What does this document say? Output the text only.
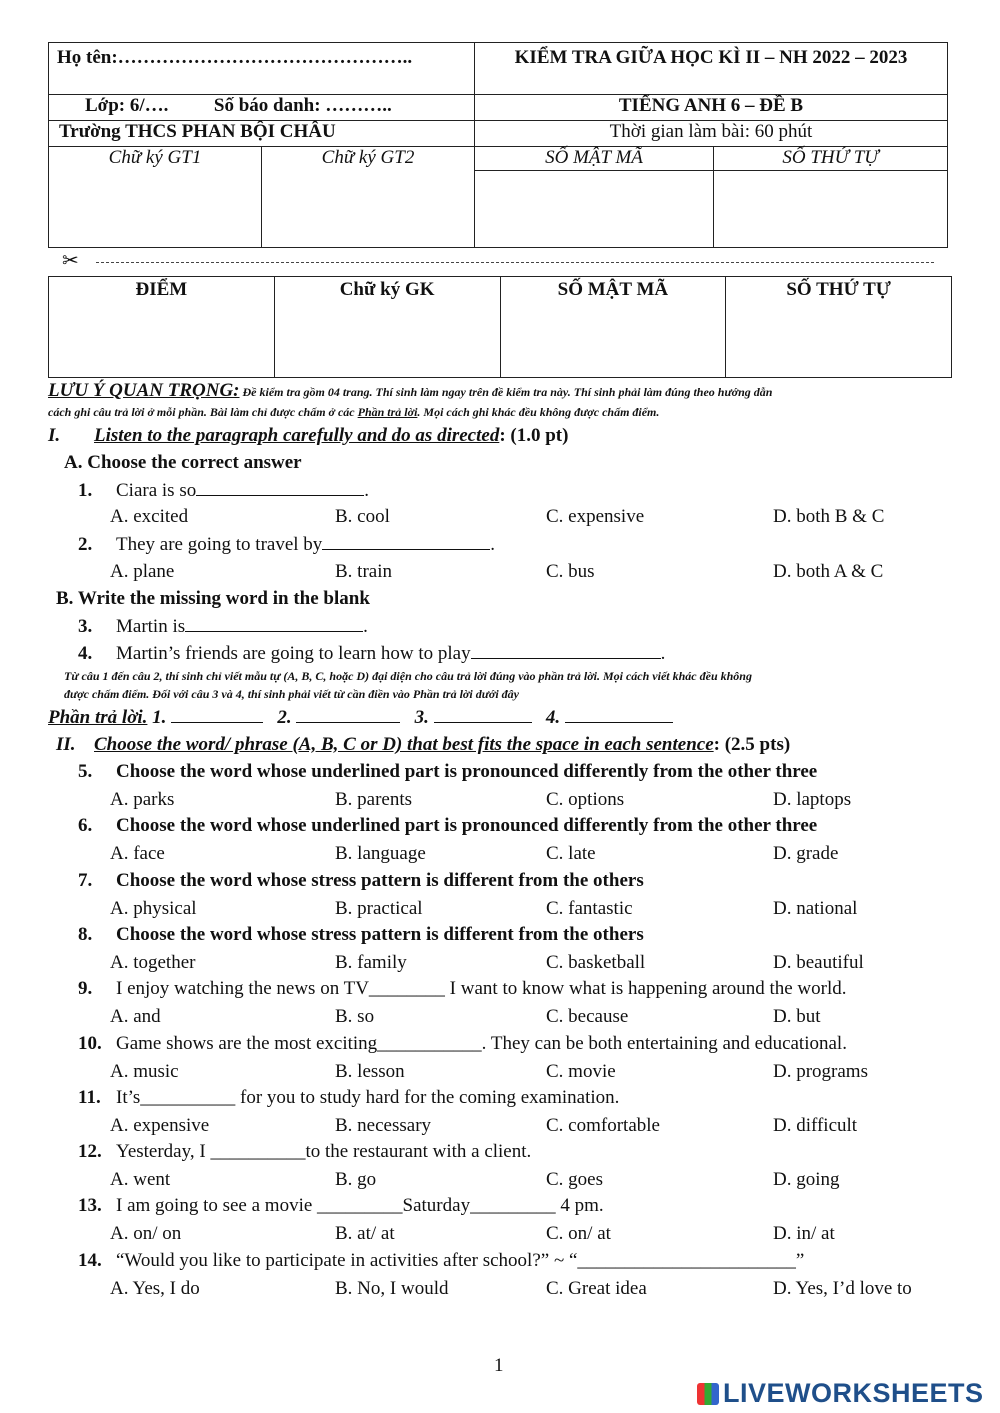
Họ tên:………………………………………..		KIỂM TRA GIỮA HỌC KÌ II – NH 2022 – 2023	
Lớp: 6/…. Số báo danh: ………..		TIẾNG ANH 6 – ĐỀ B	
Trường THCS PHAN BỘI CHÂU		Thời gian làm bài: 60 phút	
Chữ ký GT1	Chữ ký GT2	SỐ MẬT MÃ	SỐ THỨ TỰ

✂
ĐIỂM	Chữ ký GK	SỐ MẬT MÃ	SỐ THỨ TỰ
LƯU Ý QUAN TRỌNG: Đề kiểm tra gồm 04 trang. Thí sinh làm ngay trên đề kiểm tra này. Thí sinh phải làm đúng theo hướng dẫn
cách ghi câu trả lời ở mỗi phần. Bài làm chỉ được chấm ở các Phần trả lời. Mọi cách ghi khác đều không được chấm điểm.
I. Listen to the paragraph carefully and do as directed: (1.0 pt)
A. Choose the correct answer
1. Ciara is so	.
A. excited	B. cool	C. expensive	D. both B & C
2. They are going to travel by	.
A. plane	B. train	C. bus	D. both A & C
B. Write the missing word in the blank
3. Martin is	.
4. Martin’s friends are going to learn how to play	.
Từ câu 1 đến câu 2, thí sinh chỉ viết mẫu tự (A, B, C, hoặc D) đại diện cho câu trả lời đúng vào phần trả lời. Mọi cách viết khác đều không
được chấm điểm. Đối với câu 3 và 4, thí sinh phải viết từ cần điền vào Phần trả lời dưới đây
Phần trả lời. 1.	2.	3.	4.
II. Choose the word/ phrase (A, B, C or D) that best fits the space in each sentence: (2.5 pts)
5. Choose the word whose underlined part is pronounced differently from the other three
A. parks	B. parents	C. options	D. laptops
6. Choose the word whose underlined part is pronounced differently from the other three
A. face	B. language	C. late	D. grade
7. Choose the word whose stress pattern is different from the others
A. physical	B. practical	C. fantastic	D. national
8. Choose the word whose stress pattern is different from the others
A. together	B. family	C. basketball	D. beautiful
9. I enjoy watching the news on TV________ I want to know what is happening around the world.
A. and	B. so	C. because	D. but
10. Game shows are the most exciting___________. They can be both entertaining and educational.
A. music	B. lesson	C. movie	D. programs
11. It’s__________ for you to study hard for the coming examination.
A. expensive	B. necessary	C. comfortable	D. difficult
12. Yesterday, I __________to the restaurant with a client.
A. went	B. go	C. goes	D. going
13. I am going to see a movie _________Saturday_________ 4 pm.
A. on/ on	B. at/ at	C. on/ at	D. in/ at
14. “Would you like to participate in activities after school?” ~ “_______________________”
A. Yes, I do	B. No, I would	C. Great idea	D. Yes, I’d love to
1
LIVEWORKSHEETS
